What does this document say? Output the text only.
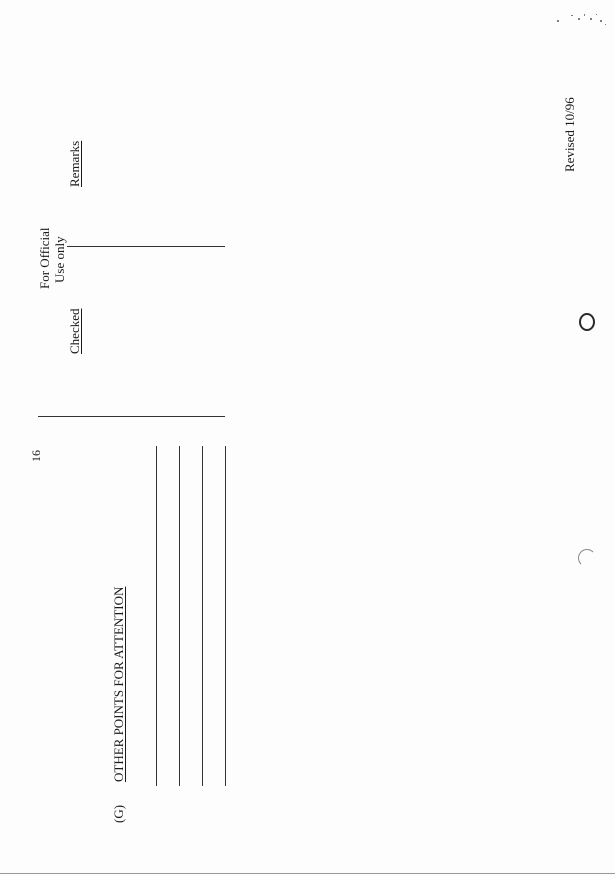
16
(G)
OTHER POINTS FOR ATTENTION
For Official Use only
Checked
Remarks	Revised 10/96
